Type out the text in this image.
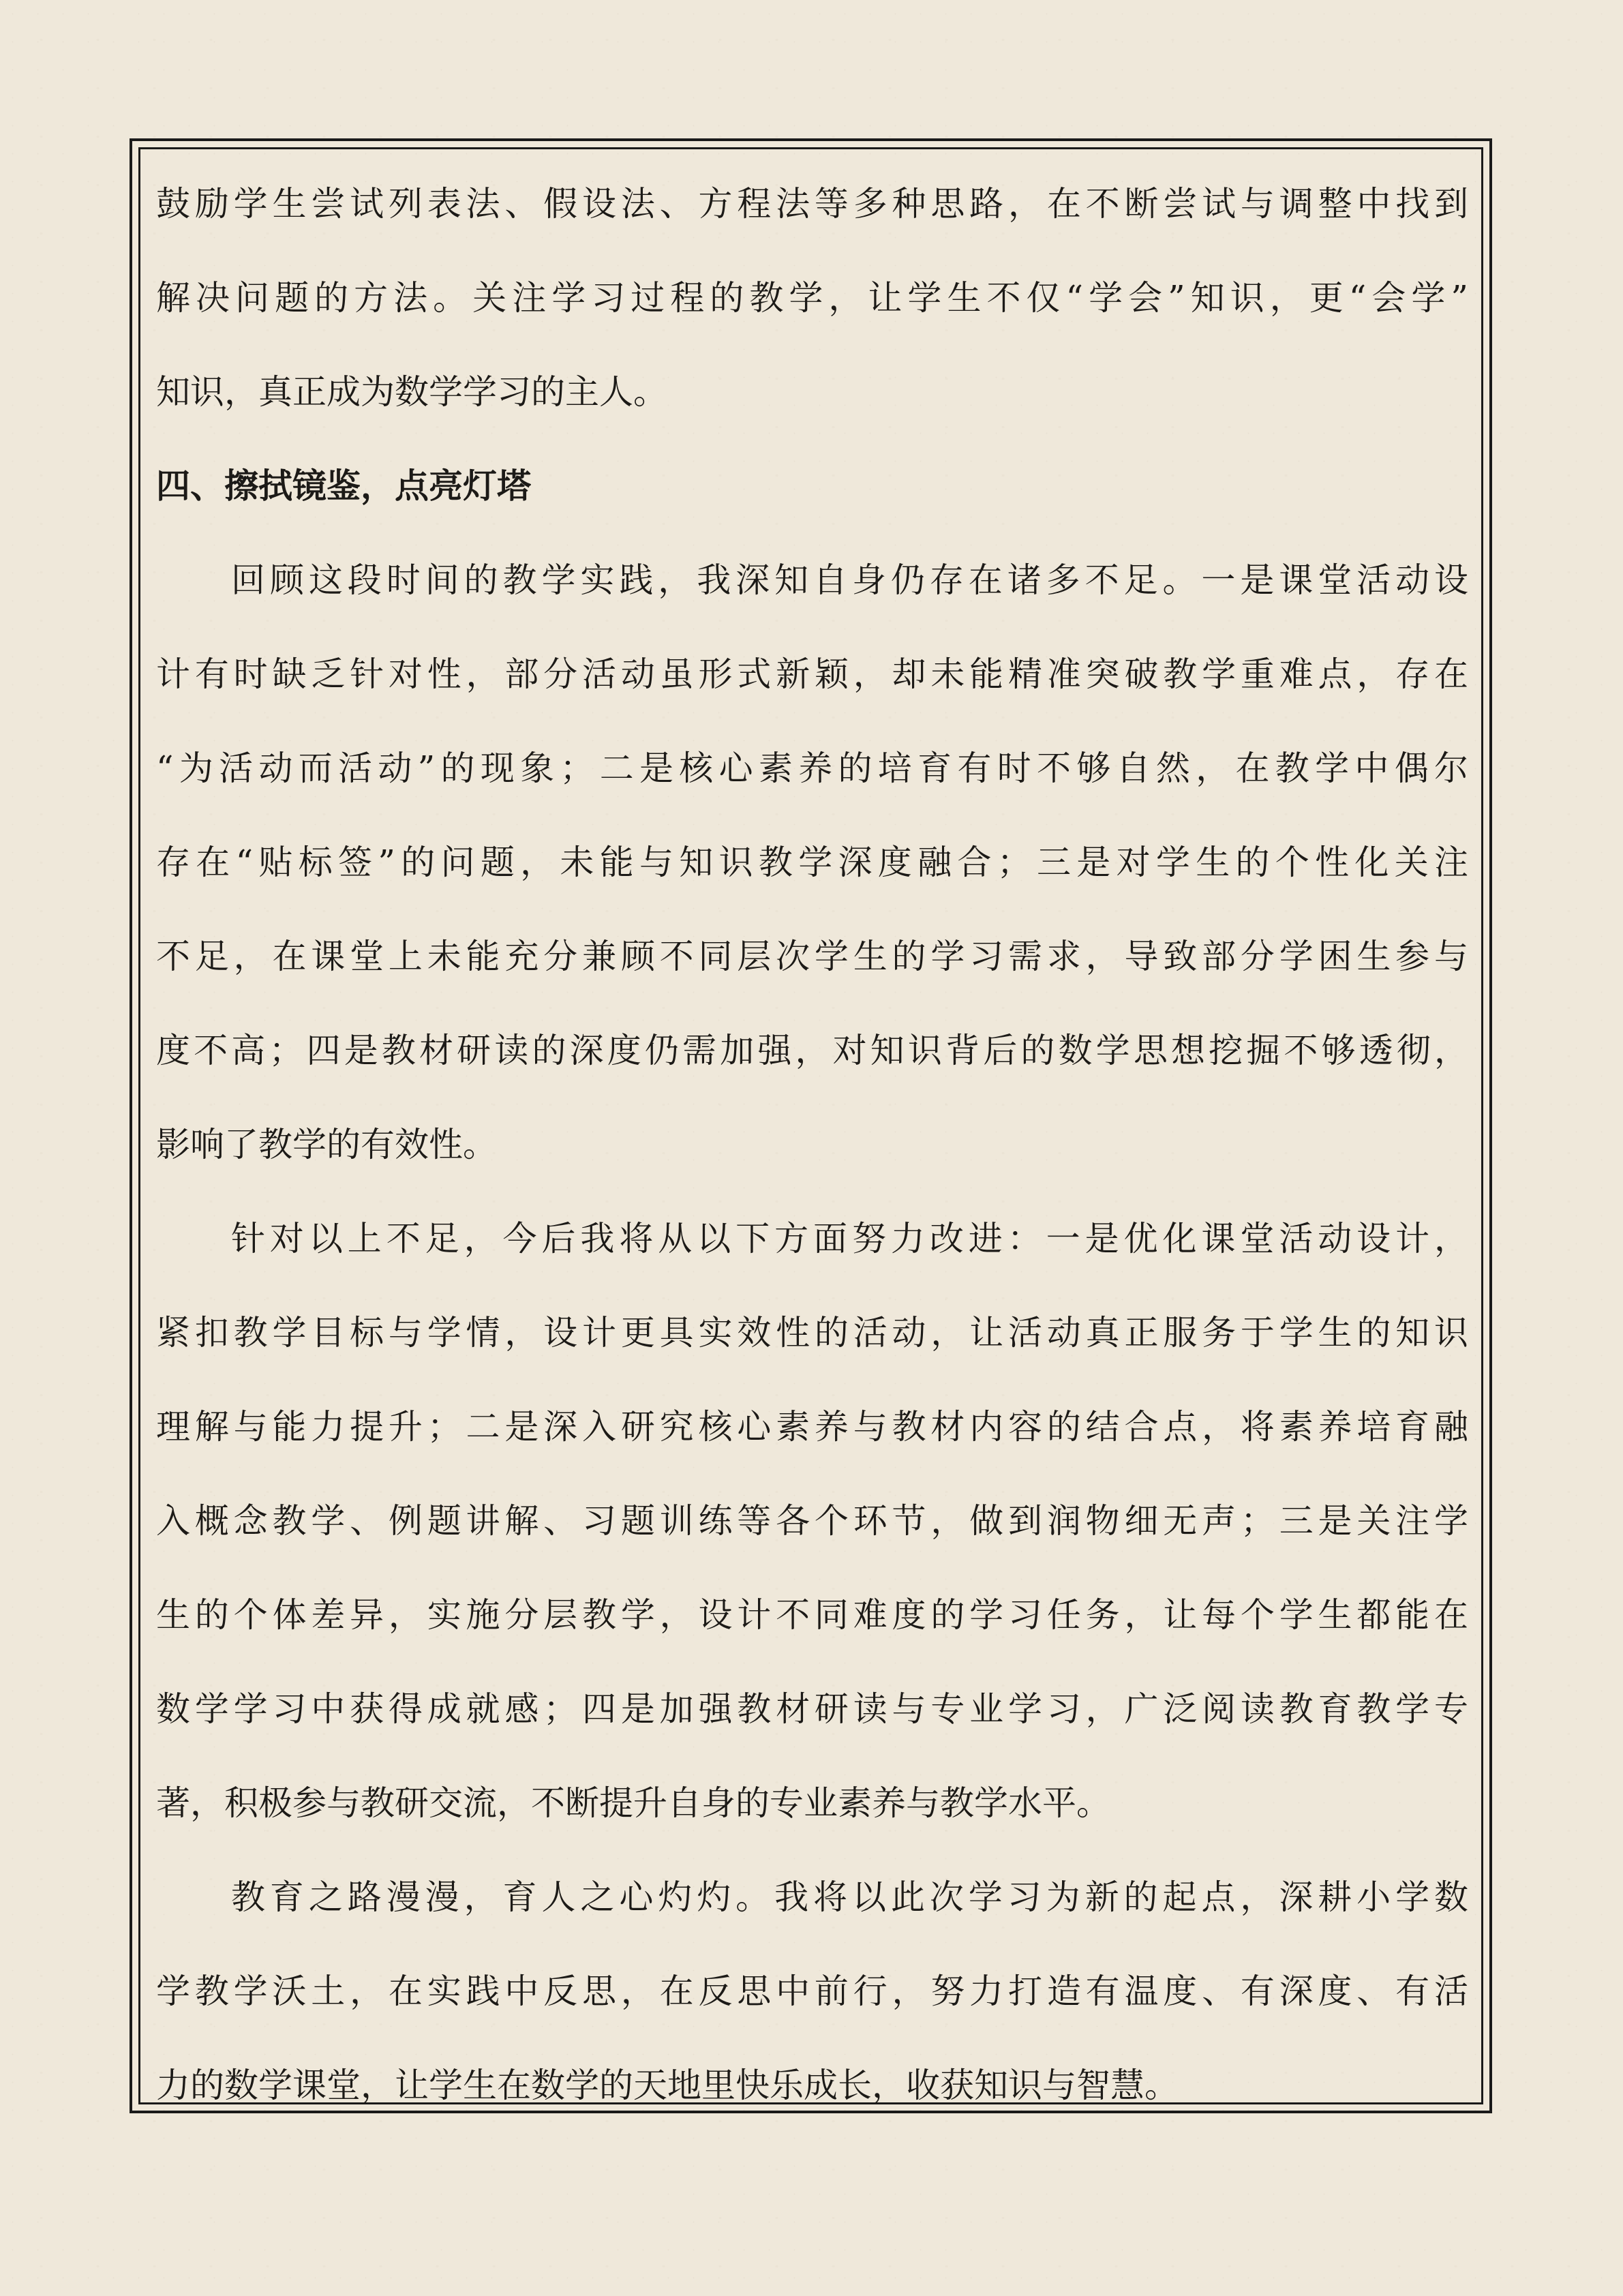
鼓励学生尝试列表法、假设法、方程法等多种思路，在不断尝试与调整中找到
解决问题的方法。关注学习过程的教学，让学生不仅“学会”知识，更“会学”
知识，真正成为数学学习的主人。
四、擦拭镜鉴，点亮灯塔
回顾这段时间的教学实践，我深知自身仍存在诸多不足。一是课堂活动设
计有时缺乏针对性，部分活动虽形式新颖，却未能精准突破教学重难点，存在
“为活动而活动”的现象；二是核心素养的培育有时不够自然，在教学中偶尔
存在“贴标签”的问题，未能与知识教学深度融合；三是对学生的个性化关注
不足，在课堂上未能充分兼顾不同层次学生的学习需求，导致部分学困生参与
度不高；四是教材研读的深度仍需加强，对知识背后的数学思想挖掘不够透彻，
影响了教学的有效性。
针对以上不足，今后我将从以下方面努力改进：一是优化课堂活动设计，
紧扣教学目标与学情，设计更具实效性的活动，让活动真正服务于学生的知识
理解与能力提升；二是深入研究核心素养与教材内容的结合点，将素养培育融
入概念教学、例题讲解、习题训练等各个环节，做到润物细无声；三是关注学
生的个体差异，实施分层教学，设计不同难度的学习任务，让每个学生都能在
数学学习中获得成就感；四是加强教材研读与专业学习，广泛阅读教育教学专
著，积极参与教研交流，不断提升自身的专业素养与教学水平。
教育之路漫漫，育人之心灼灼。我将以此次学习为新的起点，深耕小学数
学教学沃土，在实践中反思，在反思中前行，努力打造有温度、有深度、有活
力的数学课堂，让学生在数学的天地里快乐成长，收获知识与智慧。
